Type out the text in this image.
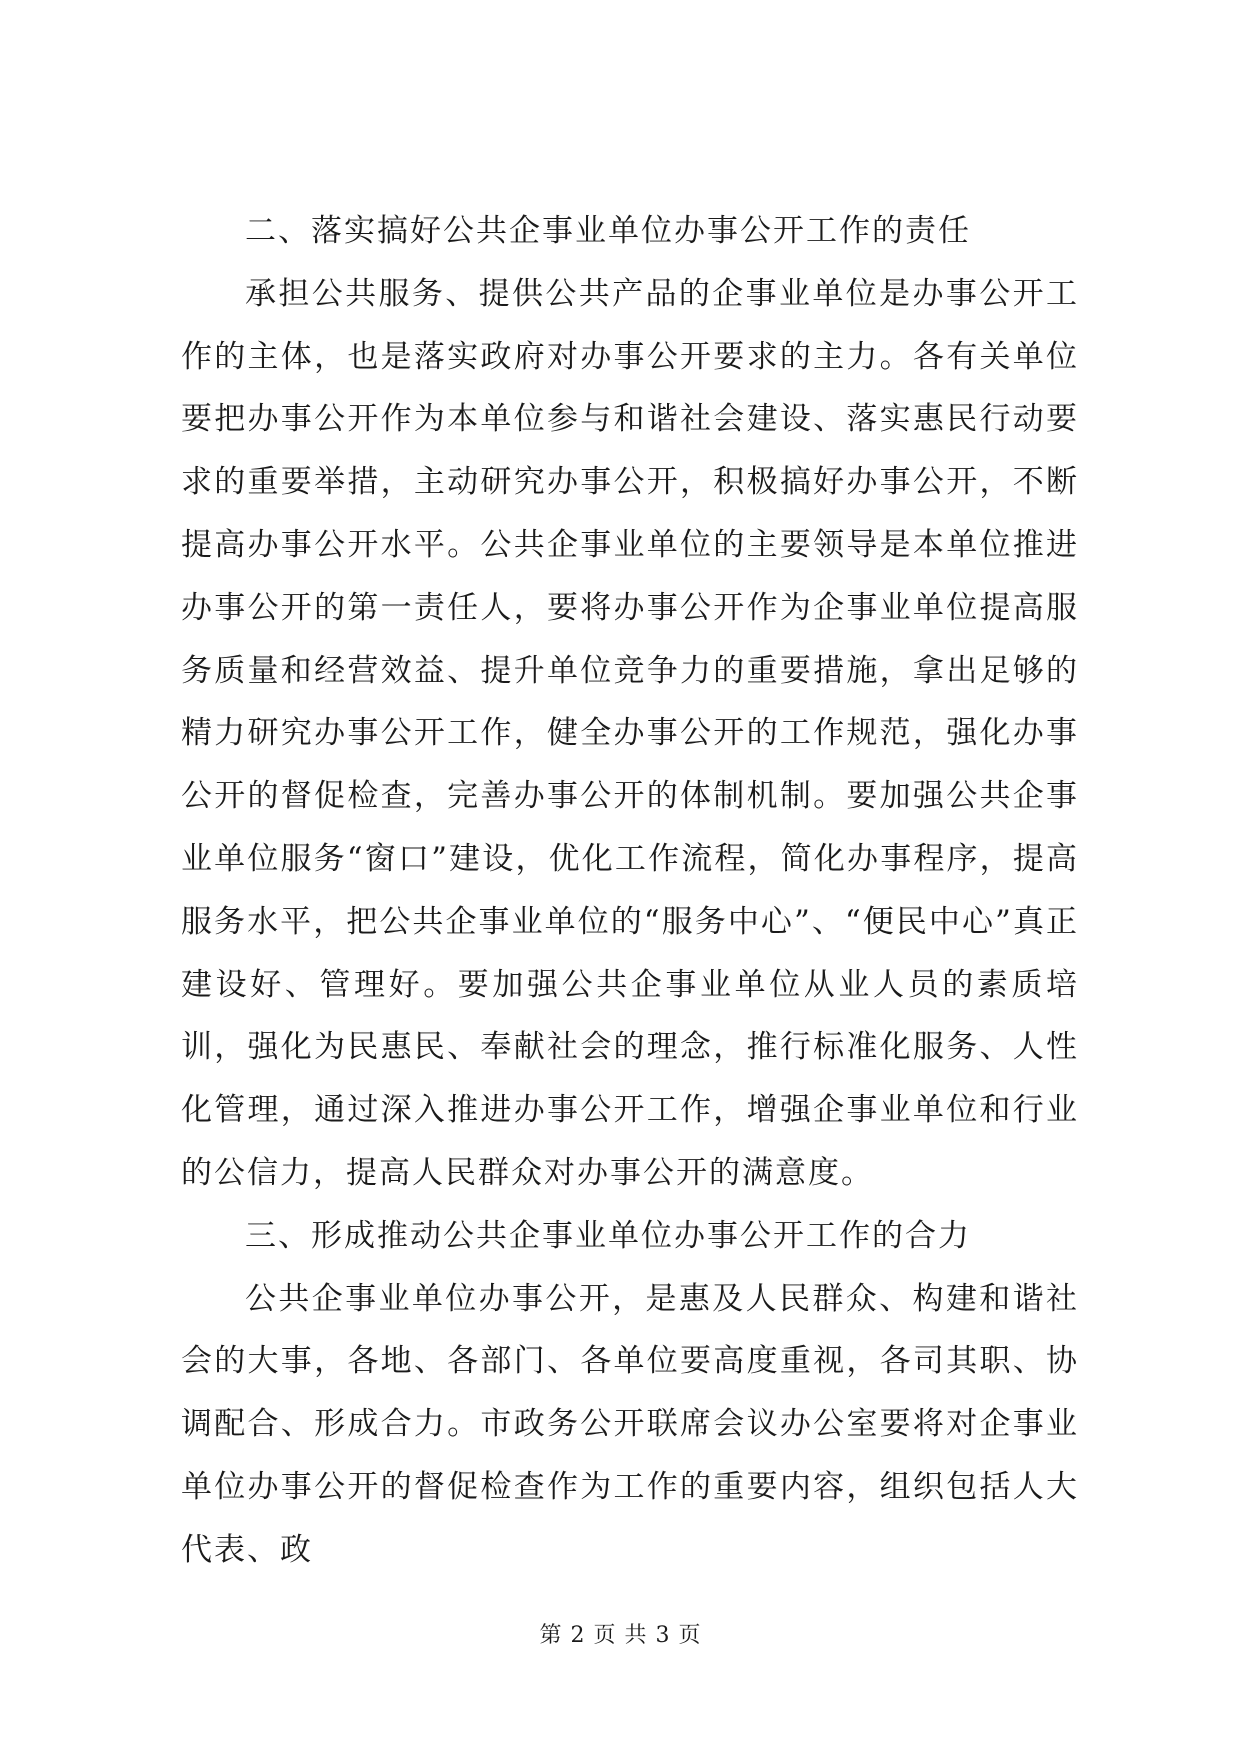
二、落实搞好公共企事业单位办事公开工作的责任

承担公共服务、提供公共产品的企事业单位是办事公开工作的主体，也是落实政府对办事公开要求的主力。各有关单位要把办事公开作为本单位参与和谐社会建设、落实惠民行动要求的重要举措，主动研究办事公开，积极搞好办事公开，不断提高办事公开水平。公共企事业单位的主要领导是本单位推进办事公开的第一责任人，要将办事公开作为企事业单位提高服务质量和经营效益、提升单位竞争力的重要措施，拿出足够的精力研究办事公开工作，健全办事公开的工作规范，强化办事公开的督促检查，完善办事公开的体制机制。要加强公共企事业单位服务“窗口”建设，优化工作流程，简化办事程序，提高服务水平，把公共企事业单位的“服务中心”、“便民中心”真正建设好、管理好。要加强公共企事业单位从业人员的素质培训，强化为民惠民、奉献社会的理念，推行标准化服务、人性化管理，通过深入推进办事公开工作，增强企事业单位和行业的公信力，提高人民群众对办事公开的满意度。

三、形成推动公共企事业单位办事公开工作的合力

公共企事业单位办事公开，是惠及人民群众、构建和谐社会的大事，各地、各部门、各单位要高度重视，各司其职、协调配合、形成合力。市政务公开联席会议办公室要将对企事业单位办事公开的督促检查作为工作的重要内容，组织包括人大代表、政

第 2 页 共 3 页
